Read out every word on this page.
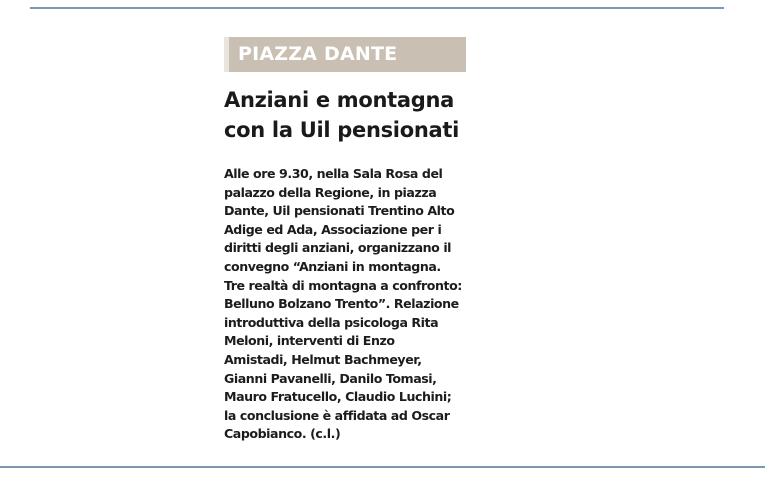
PIAZZA DANTE
Anziani e montagna
con la Uil pensionati
Alle ore 9.30, nella Sala Rosa del
palazzo della Regione, in piazza
Dante, Uil pensionati Trentino Alto
Adige ed Ada, Associazione per i
diritti degli anziani, organizzano il
convegno “Anziani in montagna.
Tre realtà di montagna a confronto:
Belluno Bolzano Trento”. Relazione
introduttiva della psicologa Rita
Meloni, interventi di Enzo
Amistadi, Helmut Bachmeyer,
Gianni Pavanelli, Danilo Tomasi,
Mauro Fratucello, Claudio Luchini;
la conclusione è affidata ad Oscar
Capobianco. (c.l.)
